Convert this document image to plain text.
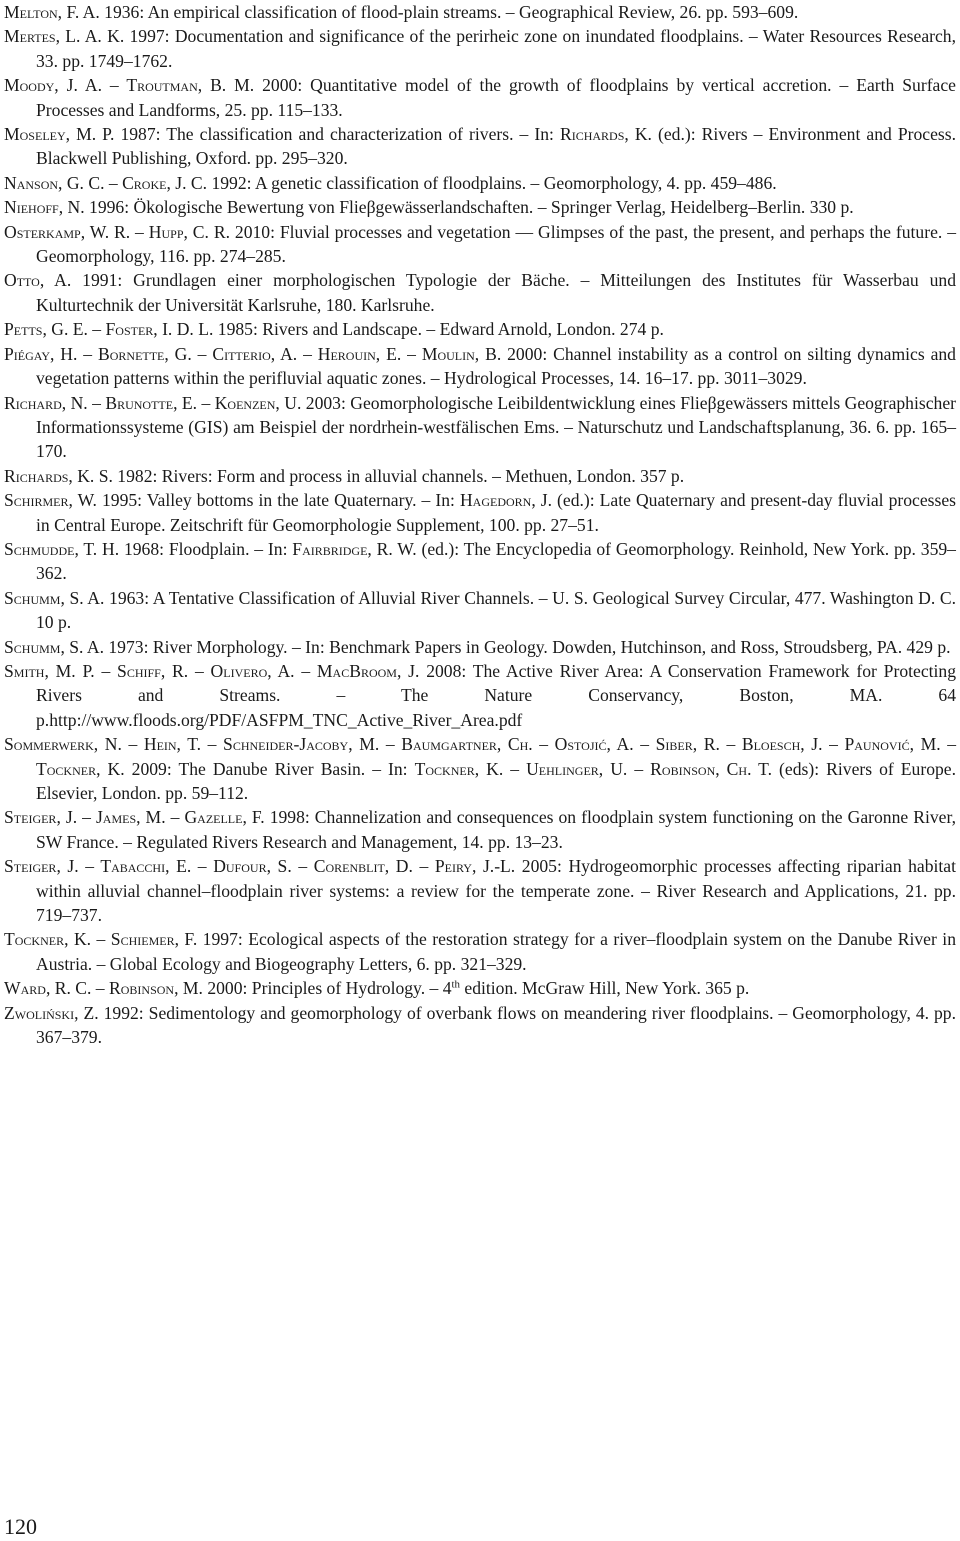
Melton, F. A. 1936: An empirical classification of flood-plain streams. – Geographical Review, 26. pp. 593–609.
Mertes, L. A. K. 1997: Documentation and significance of the perirheic zone on inundated floodplains. – Water Resources Research, 33. pp. 1749–1762.
Moody, J. A. – Troutman, B. M. 2000: Quantitative model of the growth of floodplains by vertical accretion. – Earth Surface Processes and Landforms, 25. pp. 115–133.
Moseley, M. P. 1987: The classification and characterization of rivers. – In: Richards, K. (ed.): Rivers – Environment and Process. Blackwell Publishing, Oxford. pp. 295–320.
Nanson, G. C. – Croke, J. C. 1992: A genetic classification of floodplains. – Geomorphology, 4. pp. 459–486.
Niehoff, N. 1996: Ökologische Bewertung von Flieβgewässerlandschaften. – Springer Verlag, Heidelberg–Berlin. 330 p.
Osterkamp, W. R. – Hupp, C. R. 2010: Fluvial processes and vegetation — Glimpses of the past, the present, and perhaps the future. – Geomorphology, 116. pp. 274–285.
Otto, A. 1991: Grundlagen einer morphologischen Typologie der Bäche. – Mitteilungen des Institutes für Wasserbau und Kulturtechnik der Universität Karlsruhe, 180. Karlsruhe.
Petts, G. E. – Foster, I. D. L. 1985: Rivers and Landscape. – Edward Arnold, London. 274 p.
Piégay, H. – Bornette, G. – Citterio, A. – Herouin, E. – Moulin, B. 2000: Channel instability as a control on silting dynamics and vegetation patterns within the perifluvial aquatic zones. – Hydrological Processes, 14. 16–17. pp. 3011–3029.
Richard, N. – Brunotte, E. – Koenzen, U. 2003: Geomorphologische Leibildentwicklung eines Flieβgewässers mittels Geographischer Informationssysteme (GIS) am Beispiel der nordrhein-westfälischen Ems. – Naturschutz und Landschaftsplanung, 36. 6. pp. 165–170.
Richards, K. S. 1982: Rivers: Form and process in alluvial channels. – Methuen, London. 357 p.
Schirmer, W. 1995: Valley bottoms in the late Quaternary. – In: Hagedorn, J. (ed.): Late Quaternary and present-day fluvial processes in Central Europe. Zeitschrift für Geomorphologie Supplement, 100. pp. 27–51.
Schmudde, T. H. 1968: Floodplain. – In: Fairbridge, R. W. (ed.): The Encyclopedia of Geomorphology. Reinhold, New York. pp. 359–362.
Schumm, S. A. 1963: A Tentative Classification of Alluvial River Channels. – U. S. Geological Survey Circular, 477. Washington D. C. 10 p.
Schumm, S. A. 1973: River Morphology. – In: Benchmark Papers in Geology. Dowden, Hutchinson, and Ross, Stroudsberg, PA. 429 p.
Smith, M. P. – Schiff, R. – Olivero, A. – MacBroom, J. 2008: The Active River Area: A Conservation Framework for Protecting Rivers and Streams. – The Nature Conservancy, Boston, MA. 64 p.http://www.floods.org/PDF/ASFPM_TNC_Active_River_Area.pdf
Sommerwerk, N. – Hein, T. – Schneider-Jacoby, M. – Baumgartner, Ch. – Ostojić, A. – Siber, R. – Bloesch, J. – Paunović, M. – Tockner, K. 2009: The Danube River Basin. – In: Tockner, K. – Uehlinger, U. – Robinson, Ch. T. (eds): Rivers of Europe. Elsevier, London. pp. 59–112.
Steiger, J. – James, M. – Gazelle, F. 1998: Channelization and consequences on floodplain system functioning on the Garonne River, SW France. – Regulated Rivers Research and Management, 14. pp. 13–23.
Steiger, J. – Tabacchi, E. – Dufour, S. – Corenblit, D. – Peiry, J.-L. 2005: Hydrogeomorphic processes affecting riparian habitat within alluvial channel–floodplain river systems: a review for the temperate zone. – River Research and Applications, 21. pp. 719–737.
Tockner, K. – Schiemer, F. 1997: Ecological aspects of the restoration strategy for a river–floodplain system on the Danube River in Austria. – Global Ecology and Biogeography Letters, 6. pp. 321–329.
Ward, R. C. – Robinson, M. 2000: Principles of Hydrology. – 4th edition. McGraw Hill, New York. 365 p.
Zwoliński, Z. 1992: Sedimentology and geomorphology of overbank flows on meandering river floodplains. – Geomorphology, 4. pp. 367–379.
120
